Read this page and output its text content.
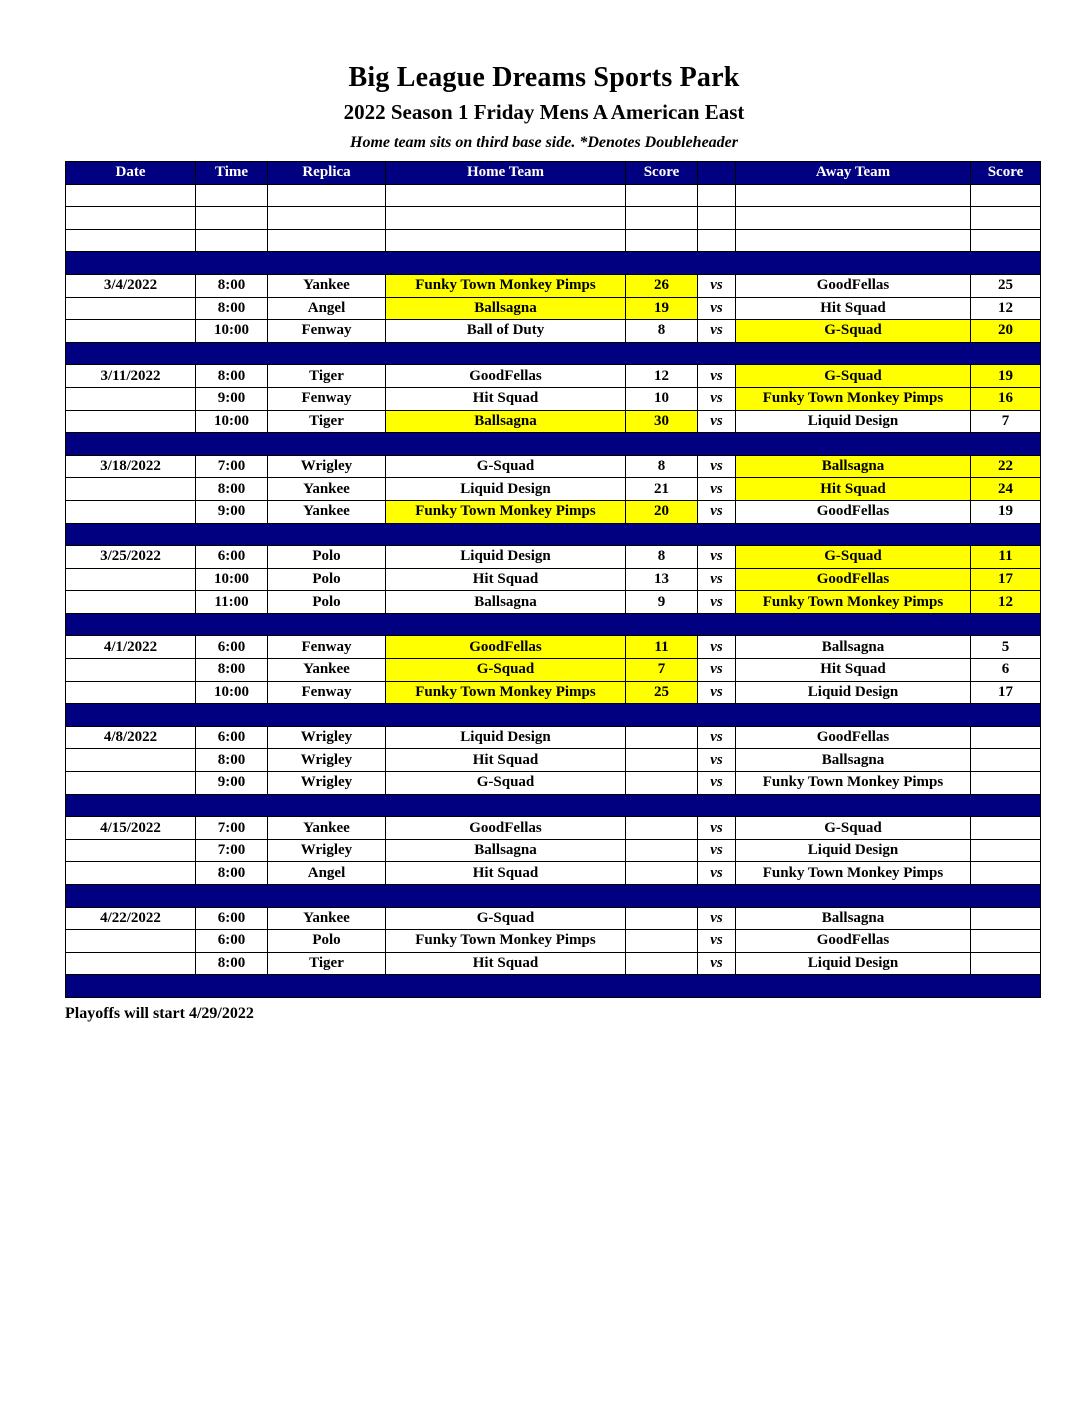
Big League Dreams Sports Park
2022 Season 1 Friday Mens A American East
Home team sits on third base side. *Denotes Doubleheader
Date	Time	Replica	Home Team	Score		Away Team	Score

3/4/2022	8:00	Yankee	Funky Town Monkey Pimps	26	vs	GoodFellas	25
	8:00	Angel	Ballsagna	19	vs	Hit Squad	12
	10:00	Fenway	Ball of Duty	8	vs	G-Squad	20

3/11/2022	8:00	Tiger	GoodFellas	12	vs	G-Squad	19
	9:00	Fenway	Hit Squad	10	vs	Funky Town Monkey Pimps	16
	10:00	Tiger	Ballsagna	30	vs	Liquid Design	7

3/18/2022	7:00	Wrigley	G-Squad	8	vs	Ballsagna	22
	8:00	Yankee	Liquid Design	21	vs	Hit Squad	24
	9:00	Yankee	Funky Town Monkey Pimps	20	vs	GoodFellas	19

3/25/2022	6:00	Polo	Liquid Design	8	vs	G-Squad	11
	10:00	Polo	Hit Squad	13	vs	GoodFellas	17
	11:00	Polo	Ballsagna	9	vs	Funky Town Monkey Pimps	12

4/1/2022	6:00	Fenway	GoodFellas	11	vs	Ballsagna	5
	8:00	Yankee	G-Squad	7	vs	Hit Squad	6
	10:00	Fenway	Funky Town Monkey Pimps	25	vs	Liquid Design	17

4/8/2022	6:00	Wrigley	Liquid Design		vs	GoodFellas	
	8:00	Wrigley	Hit Squad		vs	Ballsagna	
	9:00	Wrigley	G-Squad		vs	Funky Town Monkey Pimps	

4/15/2022	7:00	Yankee	GoodFellas		vs	G-Squad	
	7:00	Wrigley	Ballsagna		vs	Liquid Design	
	8:00	Angel	Hit Squad		vs	Funky Town Monkey Pimps	

4/22/2022	6:00	Yankee	G-Squad		vs	Ballsagna	
	6:00	Polo	Funky Town Monkey Pimps		vs	GoodFellas	
	8:00	Tiger	Hit Squad		vs	Liquid Design	

Playoffs will start 4/29/2022
